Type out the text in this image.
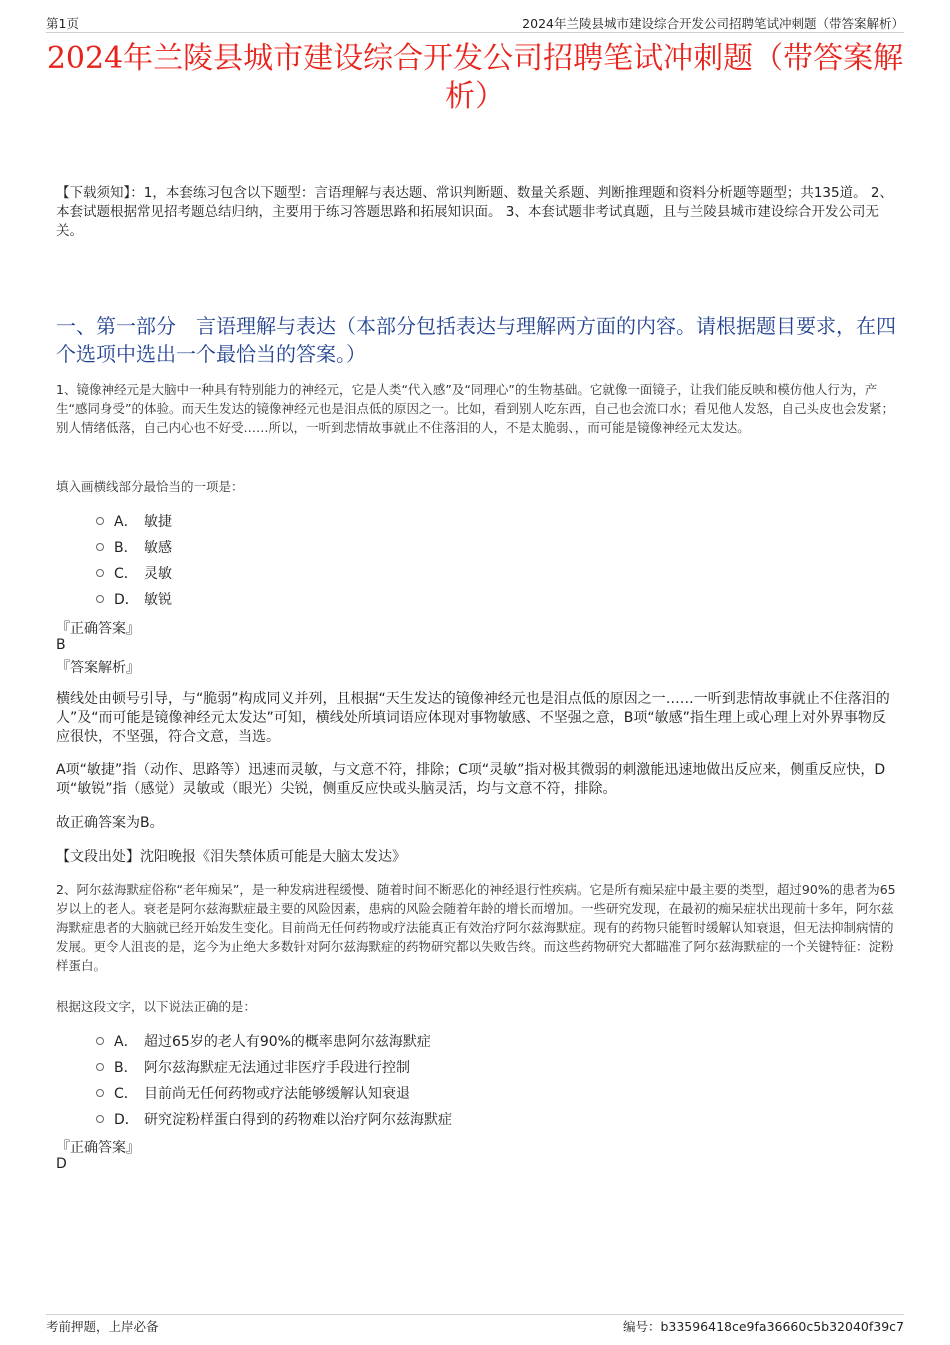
第1页	2024年兰陵县城市建设综合开发公司招聘笔试冲刺题（带答案解析）
2024年兰陵县城市建设综合开发公司招聘笔试冲刺题（带答案解析）
【下载须知】：1，本套练习包含以下题型：言语理解与表达题、常识判断题、数量关系题、判断推理题和资料分析题等题型；共135道。 2、本套试题根据常见招考题总结归纳，主要用于练习答题思路和拓展知识面。 3、本套试题非考试真题，且与兰陵县城市建设综合开发公司无关。
一、第一部分　言语理解与表达（本部分包括表达与理解两方面的内容。请根据题目要求，在四个选项中选出一个最恰当的答案。）
1、镜像神经元是大脑中一种具有特别能力的神经元，它是人类“代入感”及“同理心”的生物基础。它就像一面镜子，让我们能反映和模仿他人行为，产生“感同身受”的体验。而天生发达的镜像神经元也是泪点低的原因之一。比如，看到别人吃东西，自己也会流口水；看见他人发怒，自己头皮也会发紧；别人情绪低落，自己内心也不好受……所以，一听到悲情故事就止不住落泪的人，不是太脆弱、，而可能是镜像神经元太发达。
填入画横线部分最恰当的一项是：
A． 敏捷
B． 敏感
C． 灵敏
D． 敏锐
『正确答案』
B
『答案解析』
横线处由顿号引导，与“脆弱”构成同义并列，且根据“天生发达的镜像神经元也是泪点低的原因之一……一听到悲情故事就止不住落泪的人”及“而可能是镜像神经元太发达”可知，横线处所填词语应体现对事物敏感、不坚强之意，B项“敏感”指生理上或心理上对外界事物反应很快，不坚强，符合文意，当选。
A项“敏捷”指（动作、思路等）迅速而灵敏，与文意不符，排除；C项“灵敏”指对极其微弱的刺激能迅速地做出反应来，侧重反应快，D项“敏锐”指（感觉）灵敏或（眼光）尖锐，侧重反应快或头脑灵活，均与文意不符，排除。
故正确答案为B。
【文段出处】沈阳晚报《泪失禁体质可能是大脑太发达》
2、阿尔兹海默症俗称“老年痴呆”，是一种发病进程缓慢、随着时间不断恶化的神经退行性疾病。它是所有痴呆症中最主要的类型，超过90%的患者为65岁以上的老人。衰老是阿尔兹海默症最主要的风险因素，患病的风险会随着年龄的增长而增加。一些研究发现，在最初的痴呆症状出现前十多年，阿尔兹海默症患者的大脑就已经开始发生变化。目前尚无任何药物或疗法能真正有效治疗阿尔兹海默症。现有的药物只能暂时缓解认知衰退，但无法抑制病情的发展。更令人沮丧的是，迄今为止绝大多数针对阿尔兹海默症的药物研究都以失败告终。而这些药物研究大都瞄准了阿尔兹海默症的一个关键特征：淀粉样蛋白。
根据这段文字，以下说法正确的是：
A． 超过65岁的老人有90%的概率患阿尔兹海默症
B． 阿尔兹海默症无法通过非医疗手段进行控制
C． 目前尚无任何药物或疗法能够缓解认知衰退
D． 研究淀粉样蛋白得到的药物难以治疗阿尔兹海默症
『正确答案』
D
考前押题，上岸必备	编号：b33596418ce9fa36660c5b32040f39c7
